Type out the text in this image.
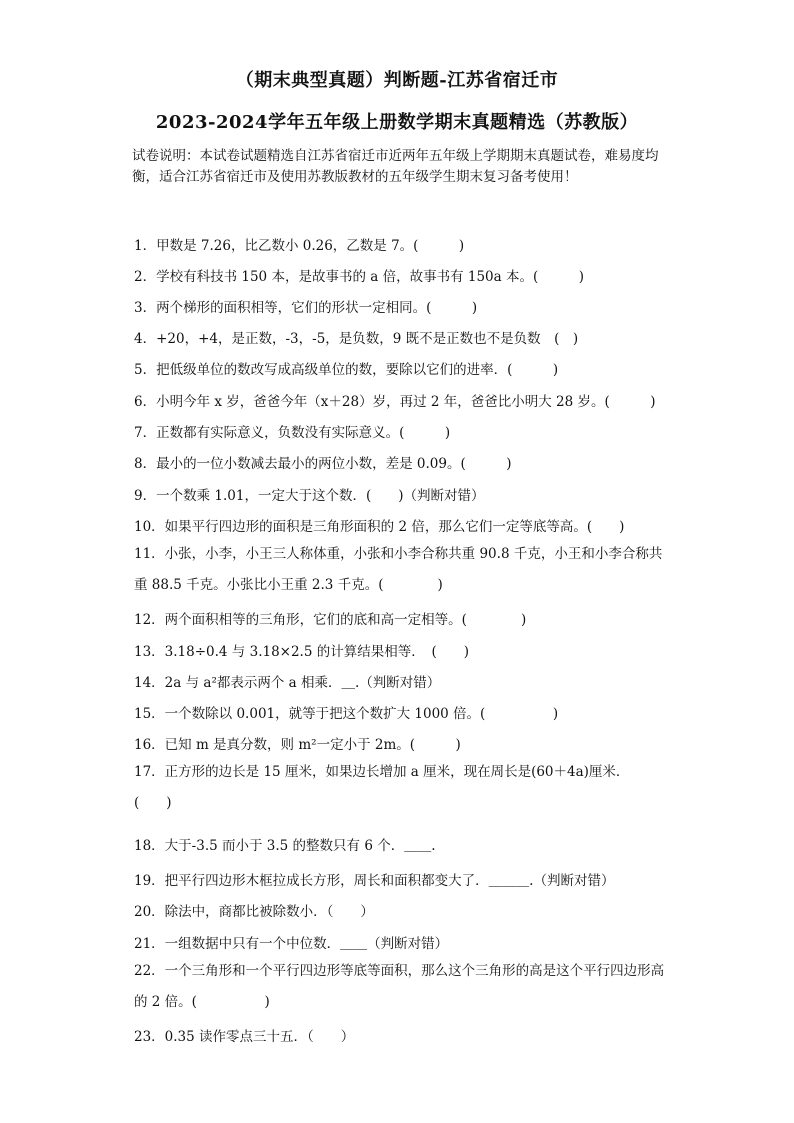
（期末典型真题）判断题-江苏省宿迁市
2023-2024学年五年级上册数学期末真题精选（苏教版）
试卷说明：本试卷试题精选自江苏省宿迁市近两年五年级上学期期末真题试卷，难易度均衡，适合江苏省宿迁市及使用苏教版教材的五年级学生期末复习备考使用！
1．甲数是 7.26，比乙数小 0.26，乙数是 7。(　　　)
2．学校有科技书 150 本，是故事书的 a 倍，故事书有 150a 本。(　　　)
3．两个梯形的面积相等，它们的形状一定相同。(　　　)
4．+20，+4，是正数，-3，-5，是负数，9 既不是正数也不是负数　(　)
5．把低级单位的数改写成高级单位的数，要除以它们的进率．(　　　)
6．小明今年 x 岁，爸爸今年（x＋28）岁，再过 2 年，爸爸比小明大 28 岁。(　　　)
7．正数都有实际意义，负数没有实际意义。(　　　)
8．最小的一位小数减去最小的两位小数，差是 0.09。(　　　)
9．一个数乘 1.01，一定大于这个数．(　　)（判断对错）
10．如果平行四边形的面积是三角形面积的 2 倍，那么它们一定等底等高。(　　)
11．小张，小李，小王三人称体重，小张和小李合称共重 90.8 千克，小王和小李合称共重 88.5 千克。小张比小王重 2.3 千克。(　　　　)
12．两个面积相等的三角形，它们的底和高一定相等。(　　　　)
13．3.18÷0.4 与 3.18×2.5 的计算结果相等．　(　　)
14．2a 与 a²都表示两个 a 相乘．＿.（判断对错）
15．一个数除以 0.001，就等于把这个数扩大 1000 倍。(　　　　　)
16．已知 m 是真分数，则 m²一定小于 2m。(　　　)
17．正方形的边长是 15 厘米，如果边长增加 a 厘米，现在周长是(60＋4a)厘米．(　　)
18．大于-3.5 而小于 3.5 的整数只有 6 个．＿＿.
19．把平行四边形木框拉成长方形，周长和面积都变大了．＿＿＿.（判断对错）
20．除法中，商都比被除数小．（　　）
21．一组数据中只有一个中位数．＿＿（判断对错）
22．一个三角形和一个平行四边形等底等面积，那么这个三角形的高是这个平行四边形高的 2 倍。(　　　　　)
23．0.35 读作零点三十五．（　　）
